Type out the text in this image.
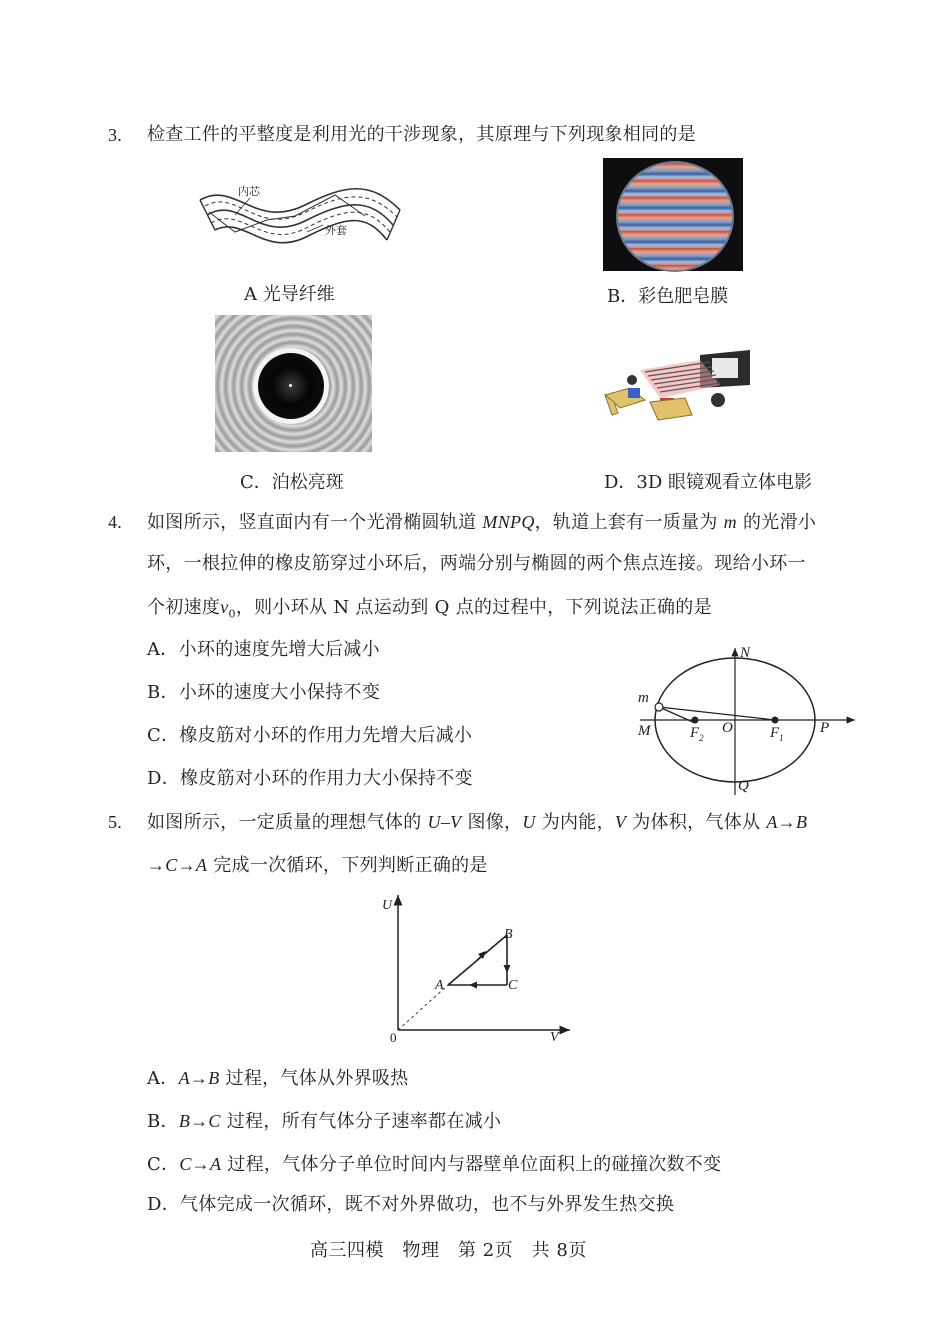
3. 检查工件的平整度是利用光的干涉现象，其原理与下列现象相同的是
内芯
外套
A 光导纤维	B．彩色肥皂膜
C．泊松亮斑	D．3D 眼镜观看立体电影
4. 如图所示，竖直面内有一个光滑椭圆轨道 MNPQ，轨道上套有一质量为 m 的光滑小
环，一根拉伸的橡皮筋穿过小环后，两端分别与椭圆的两个焦点连接。现给小环一
个初速度$v_0$，则小环从 N 点运动到 Q 点的过程中，下列说法正确的是
A．小环的速度先增大后减小
B．小环的速度大小保持不变
C．橡皮筋对小环的作用力先增大后减小
D．橡皮筋对小环的作用力大小保持不变
N
m
M	$F_2$
O $F_1$
P
Q
5. 如图所示，一定质量的理想气体的 U–V 图像，U 为内能，V 为体积，气体从 A→B
→C→A 完成一次循环，下列判断正确的是
U
V
0
A
B
C
A．A→B 过程，气体从外界吸热
B．B→C 过程，所有气体分子速率都在减小
C．C→A 过程，气体分子单位时间内与器壁单位面积上的碰撞次数不变
D．气体完成一次循环，既不对外界做功，也不与外界发生热交换
高三四模　物理　第 2页　共 8页
